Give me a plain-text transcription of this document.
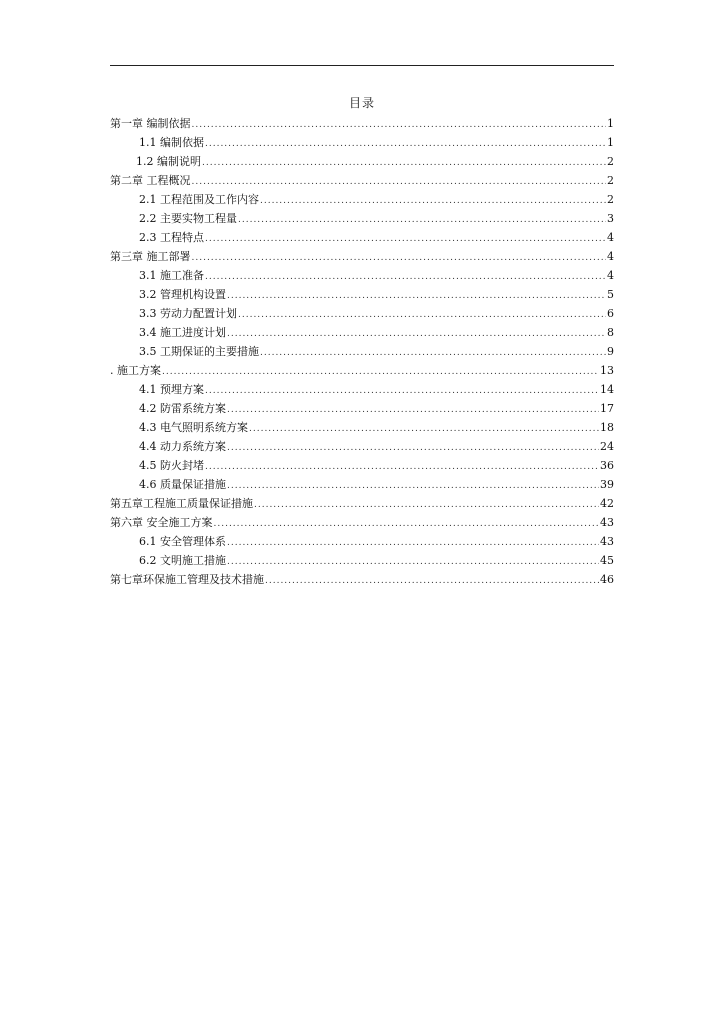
目录
第一章 编制依据 .....	1
1.1 编制依据 .....	1
1.2 编制说明 .....	2
第二章 工程概况 .....	2
2.1 工程范围及工作内容 .....	2
2.2 主要实物工程量 .....	3
2.3 工程特点 .....	4
第三章 施工部署 .....	4
3.1 施工准备 .....	4
3.2 管理机构设置 .....	5
3.3 劳动力配置计划 .....	6
3.4 施工进度计划 .....	8
3.5 工期保证的主要措施 .....	9
. 施工方案 .....	13
4.1 预埋方案 .....	14
4.2 防雷系统方案 .....	17
4.3 电气照明系统方案 .....	18
4.4 动力系统方案 .....	24
4.5 防火封堵 .....	36
4.6 质量保证措施 .....	39
第五章工程施工质量保证措施 .....	42
第六章 安全施工方案 .....	43
6.1 安全管理体系 .....	43
6.2 文明施工措施 .....	45
第七章环保施工管理及技术措施 .....	46
